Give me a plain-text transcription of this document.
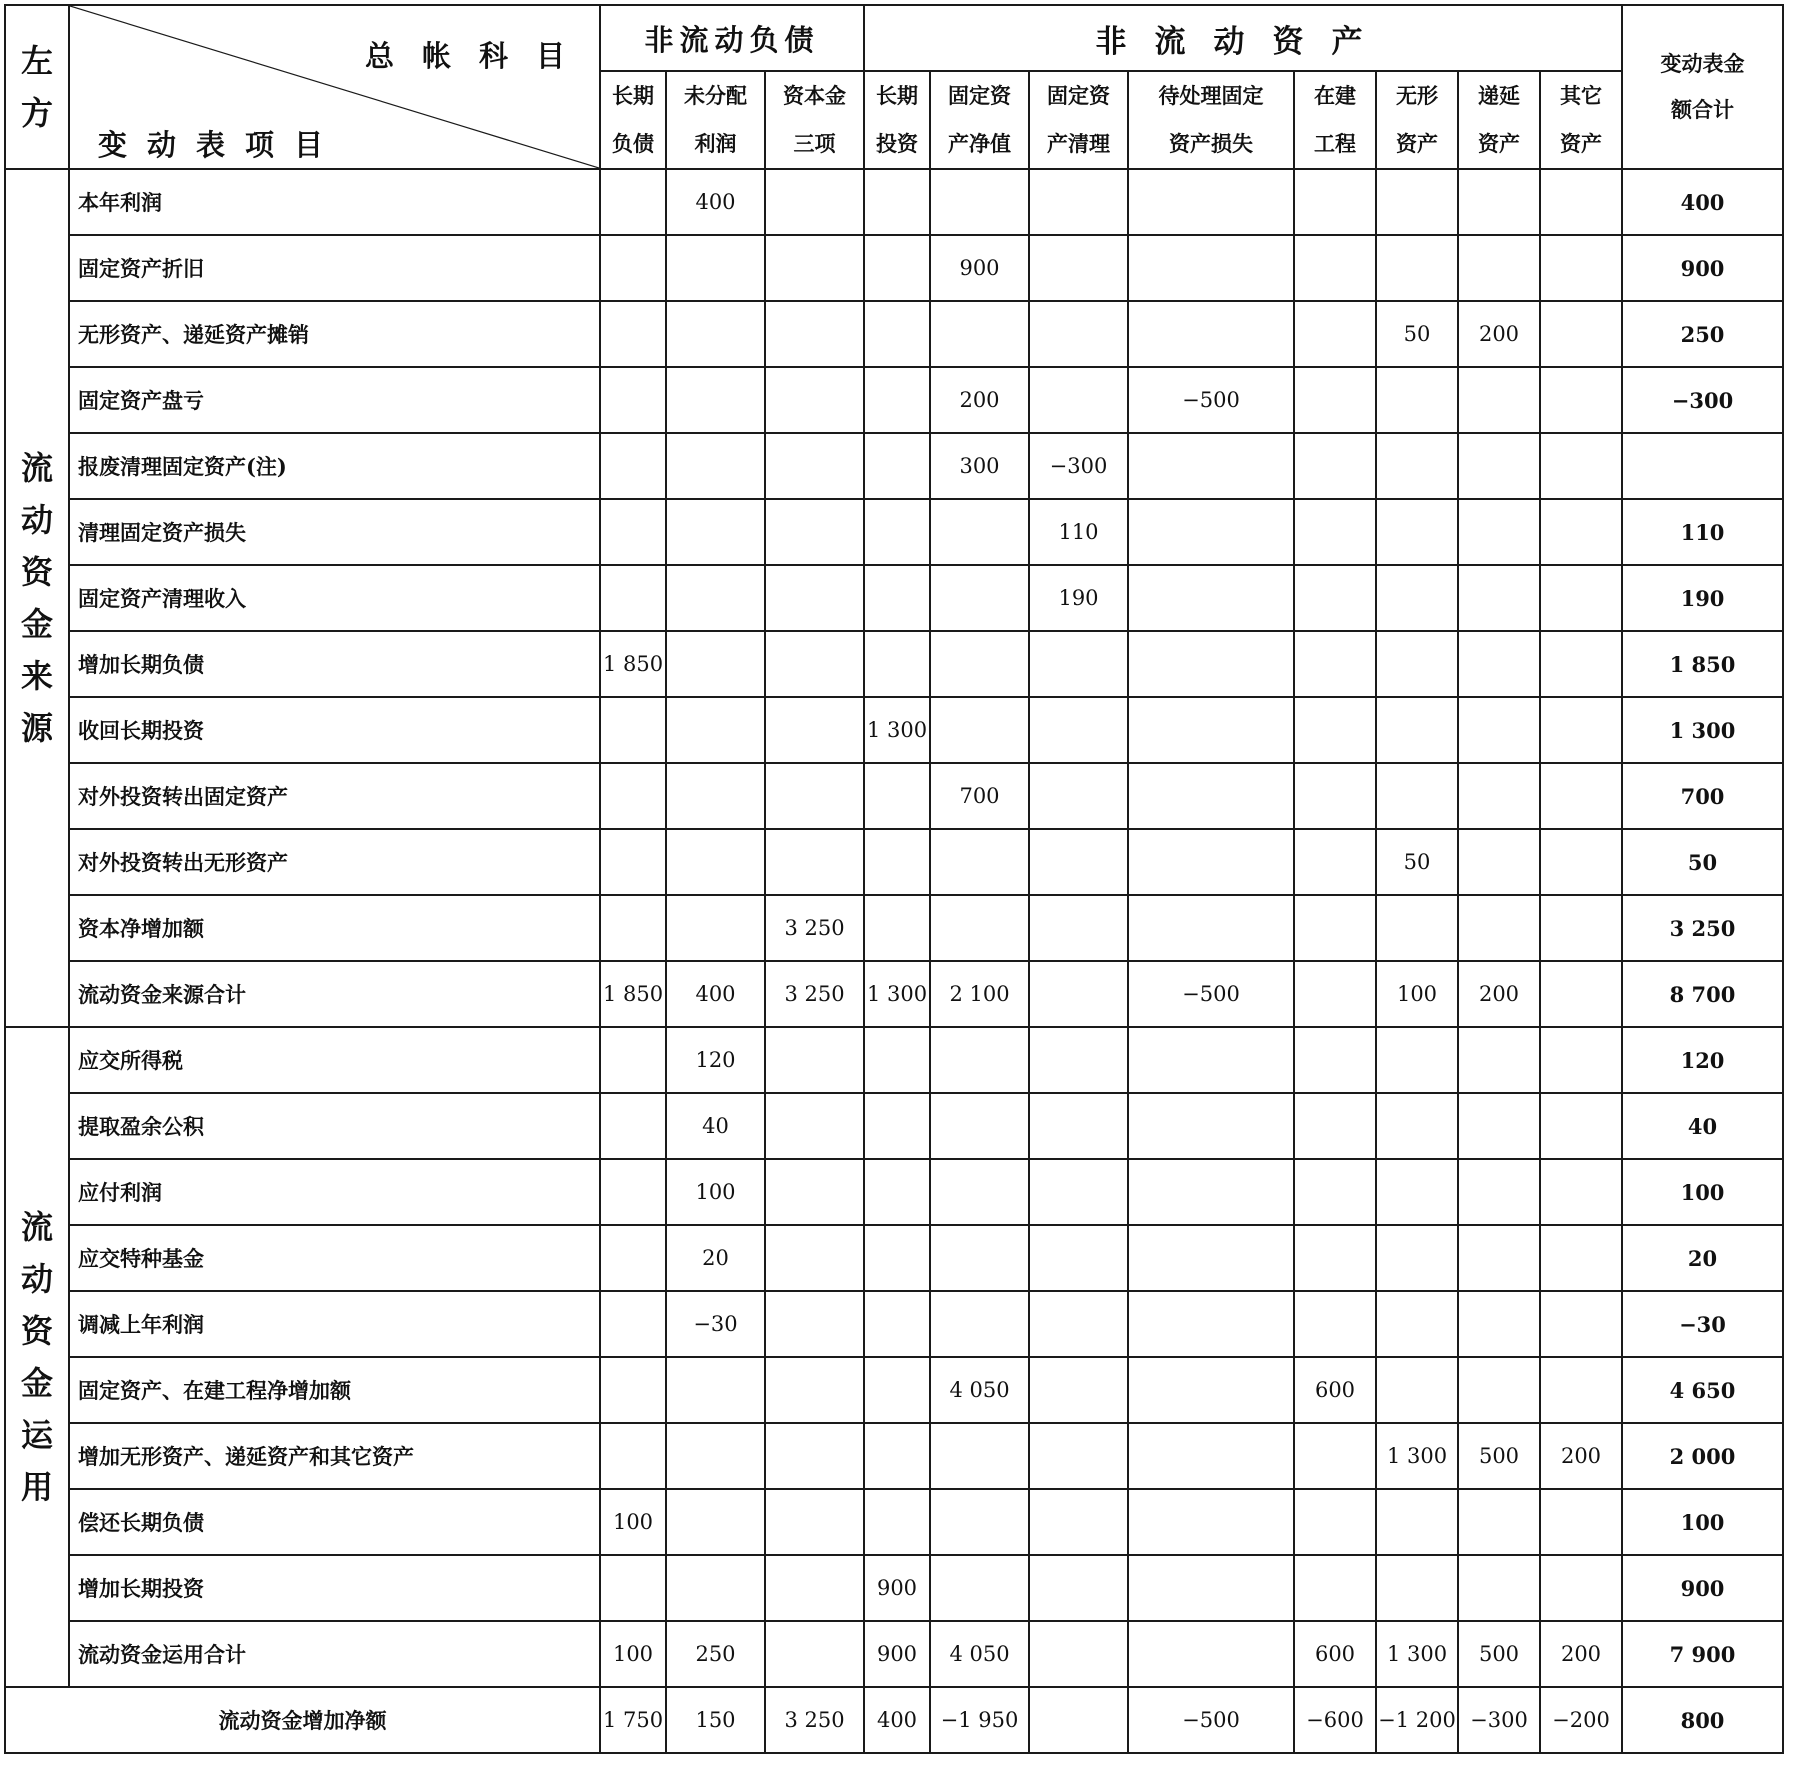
左方	总帐科目
变动表项目	非流动负债			非流动资产								变动表金额合计

		长期负债	未分配利润	资本金三项	长期投资	固定资产净值	固定资产清理	待处理固定资产损失	在建工程	无形资产	递延资产	其它资产	

流动资金来源	本年利润		400										400
	固定资产折旧					900							900
	无形资产、递延资产摊销									50	200		250
	固定资产盘亏					200		−500					−300
	报废清理固定资产(注)					300	−300						
	清理固定资产损失						110						110
	固定资产清理收入						190						190
	增加长期负债	1 850											1 850
	收回长期投资				1 300								1 300
	对外投资转出固定资产					700							700
	对外投资转出无形资产									50			50
	资本净增加额			3 250									3 250
	流动资金来源合计	1 850	400	3 250	1 300	2 100		−500		100	200		8 700

流动资金运用	应交所得税		120										120
	提取盈余公积		40										40
	应付利润		100										100
	应交特种基金		20										20
	调减上年利润		−30										−30
	固定资产、在建工程净增加额					4 050			600				4 650
	增加无形资产、递延资产和其它资产									1 300	500	200	2 000
	偿还长期负债	100											100
	增加长期投资				900								900
	流动资金运用合计	100	250		900	4 050			600	1 300	500	200	7 900
流动资金增加净额		1 750	150	3 250	400	−1 950		−500	−600	−1 200	−300	−200	800
